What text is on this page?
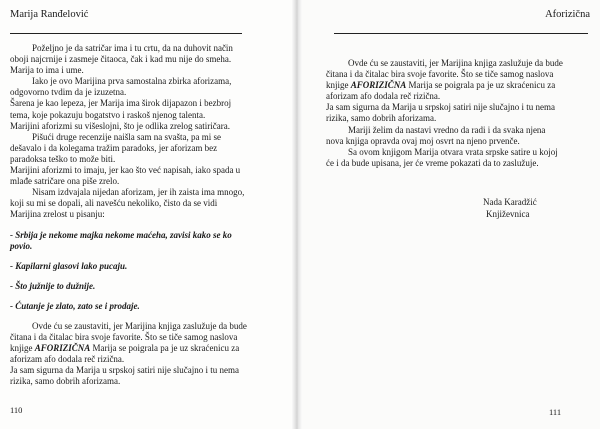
Marija Ranđelović

Poželjno je da satričar ima i tu crtu, da na duhovit način oboji najcrnije i zasmeje čitaoca, čak i kad mu nije do smeha. Marija to ima i ume.

Iako je ovo Marijina prva samostalna zbirka aforizama, odgovorno tvdim da je izuzetna.

Šarena je kao lepeza, jer Marija ima širok dijapazon i bezbroj tema, koje pokazuju bogatstvo i raskoš njenog talenta.

Marijini aforizmi su višeslojni, što je odlika zrelog satiričara.

Pišući druge recenzije naišla sam na svašta, pa mi se dešavalo i da kolegama tražim paradoks, jer aforizam bez paradoksa teško to može biti.

Marijini aforizmi to imaju, jer kao što već napisah, iako spada u mlađe satričare ona piše zrelo.

Nisam izdvajala nijedan aforizam, jer ih zaista ima mnogo, koji su mi se dopali, ali navešću nekoliko, čisto da se vidi Marijina zrelost u pisanju:

- Srbija je nekome majka nekome maćeha, zavisi kako se ko povio.

- Kapilarni glasovi lako pucaju.

- Što južnije to dužnije.

- Ćutanje je zlato, zato se i prodaje.

Ovde ću se zaustaviti, jer Marijina knjiga zaslužuje da bude čitana i da čitalac bira svoje favorite. Što se tiče samog naslova knjige AFORIZIČNA Marija se poigrala pa je uz skraćenicu za aforizam afo dodala reč rizična.

Ja sam sigurna da Marija u srpskoj satiri nije slučajno i tu nema rizika, samo dobrih aforizama.

110
Aforizična

Ovde ću se zaustaviti, jer Marijina knjiga zaslužuje da bude čitana i da čitalac bira svoje favorite. Što se tiče samog naslova knjige AFORIZIČNA Marija se poigrala pa je uz skraćenicu za aforizam afo dodala reč rizična.

Ja sam sigurna da Marija u srpskoj satiri nije slučajno i tu nema rizika, samo dobrih aforizama.

Mariji želim da nastavi vredno da radi i da svaka njena nova knjiga opravda ovaj moj osvrt na njeno prvenče.

Sa ovom knjigom Marija otvara vrata srpske satire u kojoj će i da bude upisana, jer će vreme pokazati da to zaslužuje.

Nada Karadžić
Književnica
111
